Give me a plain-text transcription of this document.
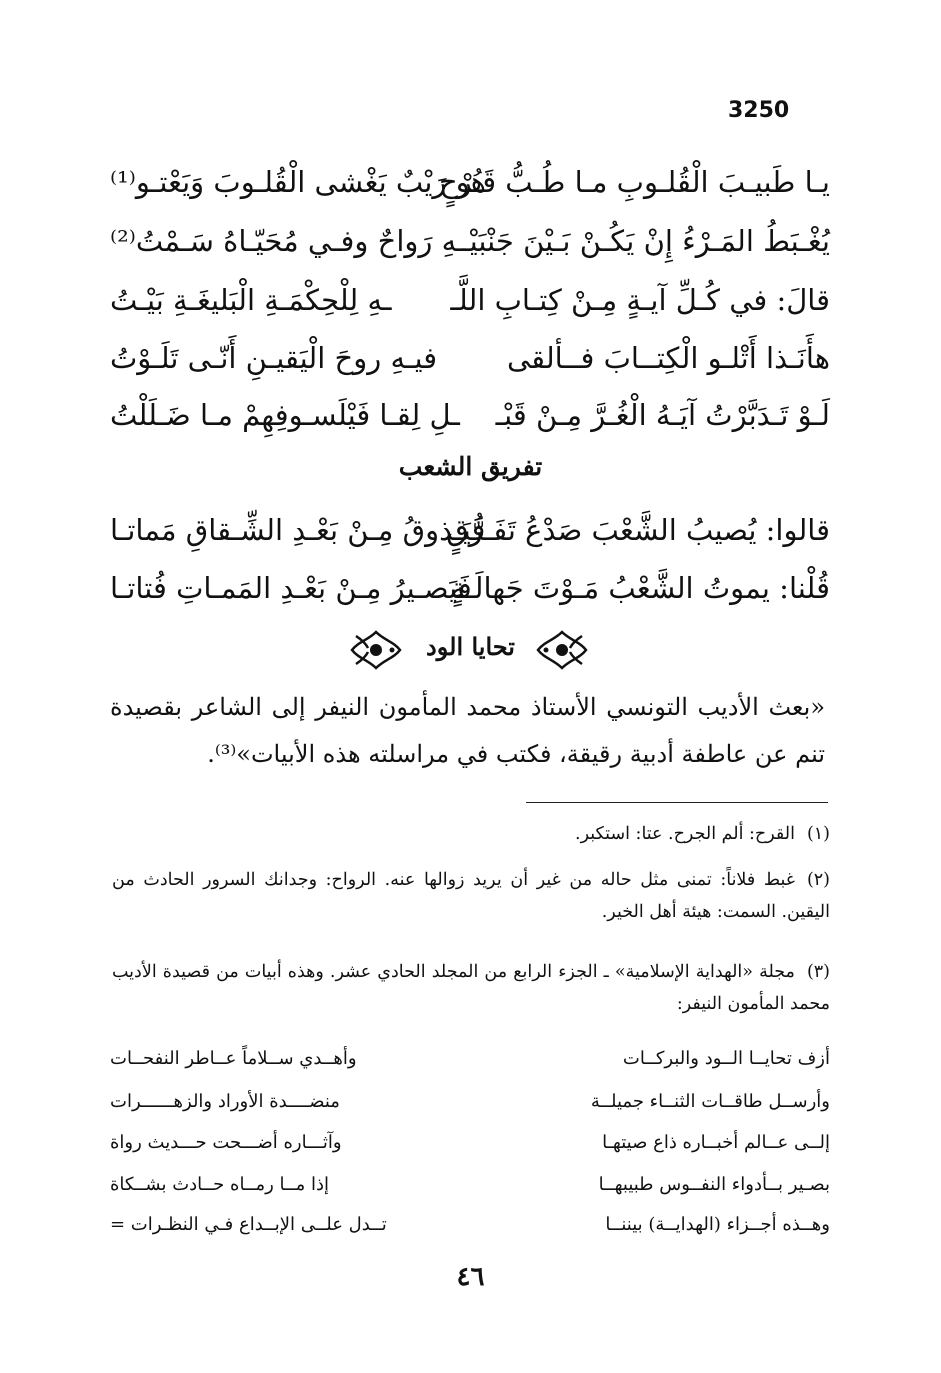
3250
يـا طَبيـبَ الْقُلـوبِ مـا طُـبُّ قَـرْحٍ
هُو رَيْبٌ يَغْشى الْقُلـوبَ وَيَعْتـو⁽¹⁾
يُغْـبَطُ المَـرْءُ إِنْ يَكُـنْ بَـيْنَ جَنْبَيْـ
ـهِ رَواحٌ وفـي مُحَيّـاهُ سَـمْتُ⁽²⁾
قالَ: في كُـلِّ آيـةٍ مِـنْ كِتـابِ اللَّـ
ـهِ لِلْحِكْمَـةِ الْبَليغَـةِ بَيْـتُ
هأَنَـذا أَتْلـو الْكِتــابَ فــألقى
فيـهِ روحَ الْيَقيـنِ أَنّـى تَلَـوْتُ
لَـوْ تَـدَبَّرْتُ آيَـهُ الْغُـرَّ مِـنْ قَبْـ
ـلِ لِقـا فَيْلَسـوفِهِمْ مـا ضَـلَلْتُ
تفريق الشعب
قالوا: يُصيبُ الشَّعْبَ صَدْعُ تَفَـرُّقٍ
فَيَـذوقُ مِـنْ بَعْـدِ الشِّـقاقِ مَماتـا
قُلْنا: يموتُ الشَّعْبُ مَـوْتَ جَهالَـةٍ
فَيَصـيرُ مِـنْ بَعْـدِ المَمـاتِ فُتاتـا
تحايا الود
«بعث الأديب التونسي الأستاذ محمد المأمون النيفر إلى الشاعر بقصيدة تنم عن عاطفة أدبية رقيقة، فكتب في مراسلته هذه الأبيات»⁽³⁾.
(١)القرح: ألم الجرح. عتا: استكبر.
(٢)غبط فلاناً: تمنى مثل حاله من غير أن يريد زوالها عنه. الرواح: وجدانك السرور الحادث من اليقين. السمت: هيئة أهل الخير.
(٣)مجلة «الهداية الإسلامية» ـ الجزء الرابع من المجلد الحادي عشر. وهذه أبيات من قصيدة الأديب محمد المأمون النيفر:
أزف تحايــا الــود والبركــات
وأهــدي ســلاماً عــاطر النفحــات
وأرســل طاقــات الثنــاء جميلــة
منضــــدة الأوراد والزهــــــرات
إلــى عــالم أخبــاره ذاع صيتهـا
وآثـــاره أضـــحت حـــديث رواة
بصـير بــأدواء النفــوس طبيبهــا
إذا مــا رمــاه حــادث بشــكاة
وهــذه أجــزاء (الهدايــة) بيننــا
تــدل علــى الإبــداع فـي النظـرات =
٤٦
